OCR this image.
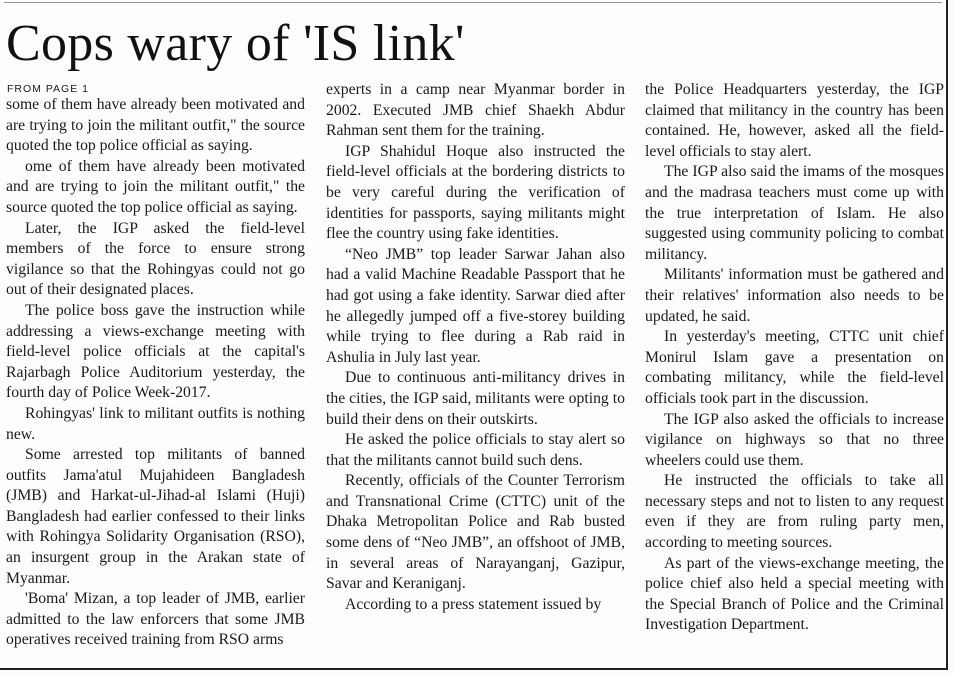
Cops wary of 'IS link'
FROM PAGE 1

some of them have already been motivated and are trying to join the militant outfit," the source quoted the top police official as saying.

ome of them have already been motivated and are trying to join the militant outfit," the source quoted the top police official as saying.

Later, the IGP asked the field-level members of the force to ensure strong vigilance so that the Rohingyas could not go out of their designated places.

The police boss gave the instruction while addressing a views-exchange meeting with field-level police officials at the capital's Rajarbagh Police Auditorium yesterday, the fourth day of Police Week-2017.

Rohingyas' link to militant outfits is nothing new.

Some arrested top militants of banned outfits Jama'atul Mujahideen Bangladesh (JMB) and Harkat-ul-Jihad-al Islami (Huji) Bangladesh had earlier confessed to their links with Rohingya Solidarity Organisation (RSO), an insurgent group in the Arakan state of Myanmar.

'Boma' Mizan, a top leader of JMB, earlier admitted to the law enforcers that some JMB operatives received training from RSO arms

experts in a camp near Myanmar border in 2002. Executed JMB chief Shaekh Abdur Rahman sent them for the training.

IGP Shahidul Hoque also instructed the field-level officials at the bordering districts to be very careful during the verification of identities for passports, saying militants might flee the country using fake identities.

“Neo JMB” top leader Sarwar Jahan also had a valid Machine Readable Passport that he had got using a fake identity. Sarwar died after he allegedly jumped off a five-storey building while trying to flee during a Rab raid in Ashulia in July last year.

Due to continuous anti-militancy drives in the cities, the IGP said, militants were opting to build their dens on their outskirts.

He asked the police officials to stay alert so that the militants cannot build such dens.

Recently, officials of the Counter Terrorism and Transnational Crime (CTTC) unit of the Dhaka Metropolitan Police and Rab busted some dens of “Neo JMB”, an offshoot of JMB, in several areas of Narayanganj, Gazipur, Savar and Keraniganj.

According to a press statement issued by

the Police Headquarters yesterday, the IGP claimed that militancy in the country has been contained. He, however, asked all the field-level officials to stay alert.

The IGP also said the imams of the mosques and the madrasa teachers must come up with the true interpretation of Islam. He also suggested using community policing to combat militancy.

Militants' information must be gathered and their relatives' information also needs to be updated, he said.

In yesterday's meeting, CTTC unit chief Monirul Islam gave a presentation on combating militancy, while the field-level officials took part in the discussion.

The IGP also asked the officials to increase vigilance on highways so that no three wheelers could use them.

He instructed the officials to take all necessary steps and not to listen to any request even if they are from ruling party men, according to meeting sources.

As part of the views-exchange meeting, the police chief also held a special meeting with the Special Branch of Police and the Criminal Investigation Department.
